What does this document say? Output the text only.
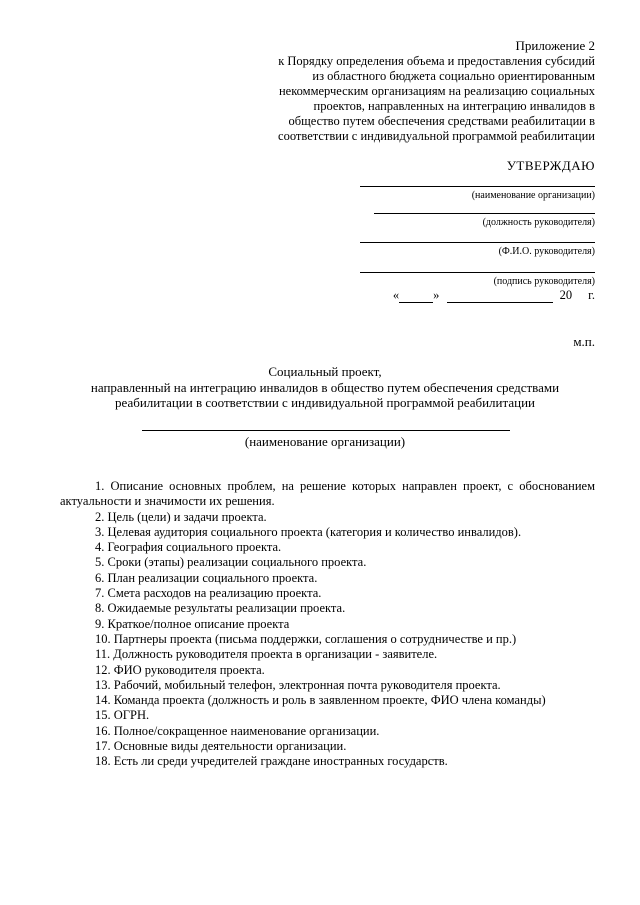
Приложение 2
к Порядку определения объема и предоставления субсидий
из областного бюджета социально ориентированным
некоммерческим организациям на реализацию социальных
проектов, направленных на интеграцию инвалидов в
общество путем обеспечения средствами реабилитации в
соответствии с индивидуальной программой реабилитации
УТВЕРЖДАЮ
(наименование организации)
(должность руководителя)
(Ф.И.О. руководителя)
(подпись руководителя)
«	»	20 г.
м.п.
Социальный проект,
направленный на интеграцию инвалидов в общество путем обеспечения средствами
реабилитации в соответствии с индивидуальной программой реабилитации
(наименование организации)

1. Описание основных проблем, на решение которых направлен проект, с обоснованием актуальности и значимости их решения.

2. Цель (цели) и задачи проекта.

3. Целевая аудитория социального проекта (категория и количество инвалидов).

4. География социального проекта.

5. Сроки (этапы) реализации социального проекта.

6. План реализации социального проекта.

7. Смета расходов на реализацию проекта.

8. Ожидаемые результаты реализации проекта.

9. Краткое/полное описание проекта

10. Партнеры проекта (письма поддержки, соглашения о сотрудничестве и пр.)

11. Должность руководителя проекта в организации - заявителе.

12. ФИО руководителя проекта.

13. Рабочий, мобильный телефон, электронная почта руководителя проекта.

14. Команда проекта (должность и роль в заявленном проекте, ФИО члена команды)

15. ОГРН.

16. Полное/сокращенное наименование организации.

17. Основные виды деятельности организации.

18. Есть ли среди учредителей граждане иностранных государств.
